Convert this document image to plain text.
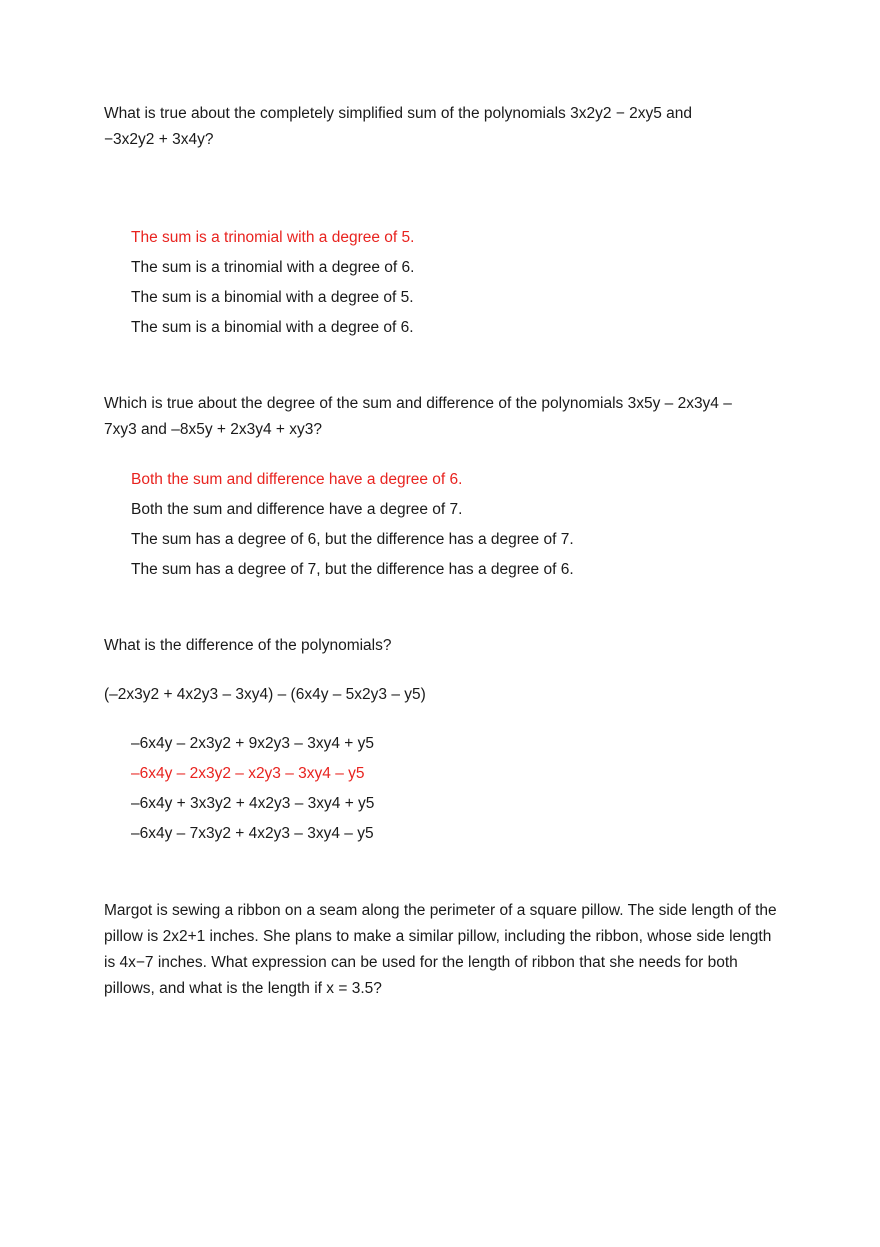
What is true about the completely simplified sum of the polynomials 3x2y2 − 2xy5 and
−3x2y2 + 3x4y?

The sum is a trinomial with a degree of 5.
The sum is a trinomial with a degree of 6.
The sum is a binomial with a degree of 5.
The sum is a binomial with a degree of 6.

Which is true about the degree of the sum and difference of the polynomials 3x5y – 2x3y4 –
7xy3 and –8x5y + 2x3y4 + xy3?

Both the sum and difference have a degree of 6.
Both the sum and difference have a degree of 7.
The sum has a degree of 6, but the difference has a degree of 7.
The sum has a degree of 7, but the difference has a degree of 6.

What is the difference of the polynomials?

(–2x3y2 + 4x2y3 – 3xy4) – (6x4y – 5x2y3 – y5)

–6x4y – 2x3y2 + 9x2y3 – 3xy4 + y5
–6x4y – 2x3y2 – x2y3 – 3xy4 – y5
–6x4y + 3x3y2 + 4x2y3 – 3xy4 + y5
–6x4y – 7x3y2 + 4x2y3 – 3xy4 – y5

Margot is sewing a ribbon on a seam along the perimeter of a square pillow. The side length of the pillow is 2x2+1 inches. She plans to make a similar pillow, including the ribbon, whose side length is 4x−7 inches. What expression can be used for the length of ribbon that she needs for both pillows, and what is the length if x = 3.5?
